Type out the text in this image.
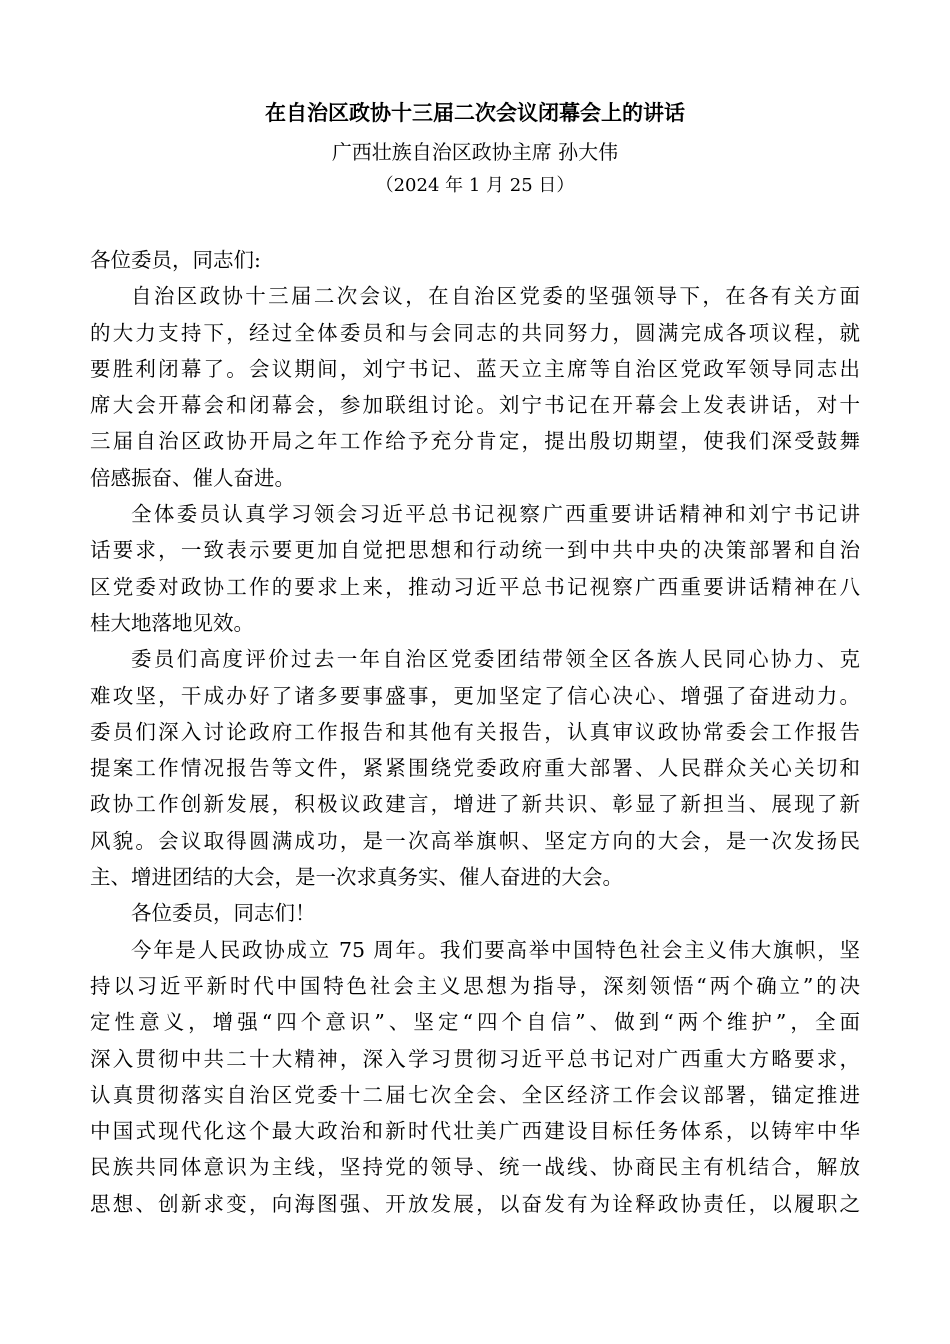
在自治区政协十三届二次会议闭幕会上的讲话
广西壮族自治区政协主席 孙大伟
（2024 年 1 月 25 日）
各位委员，同志们:
自治区政协十三届二次会议，在自治区党委的坚强领导下，在各有关方面
的大力支持下，经过全体委员和与会同志的共同努力，圆满完成各项议程，就
要胜利闭幕了。会议期间，刘宁书记、蓝天立主席等自治区党政军领导同志出
席大会开幕会和闭幕会，参加联组讨论。刘宁书记在开幕会上发表讲话，对十
三届自治区政协开局之年工作给予充分肯定，提出殷切期望，使我们深受鼓舞
倍感振奋、催人奋进。
全体委员认真学习领会习近平总书记视察广西重要讲话精神和刘宁书记讲
话要求，一致表示要更加自觉把思想和行动统一到中共中央的决策部署和自治
区党委对政协工作的要求上来，推动习近平总书记视察广西重要讲话精神在八
桂大地落地见效。
委员们高度评价过去一年自治区党委团结带领全区各族人民同心协力、克
难攻坚，干成办好了诸多要事盛事，更加坚定了信心决心、增强了奋进动力。
委员们深入讨论政府工作报告和其他有关报告，认真审议政协常委会工作报告
提案工作情况报告等文件，紧紧围绕党委政府重大部署、人民群众关心关切和
政协工作创新发展，积极议政建言，增进了新共识、彰显了新担当、展现了新
风貌。会议取得圆满成功，是一次高举旗帜、坚定方向的大会，是一次发扬民
主、增进团结的大会，是一次求真务实、催人奋进的大会。
各位委员，同志们！
今年是人民政协成立 75 周年。我们要高举中国特色社会主义伟大旗帜，坚
持以习近平新时代中国特色社会主义思想为指导，深刻领悟“两个确立”的决
定性意义，增强“四个意识”、坚定“四个自信”、做到“两个维护”，全面
深入贯彻中共二十大精神，深入学习贯彻习近平总书记对广西重大方略要求，
认真贯彻落实自治区党委十二届七次全会、全区经济工作会议部署，锚定推进
中国式现代化这个最大政治和新时代壮美广西建设目标任务体系，以铸牢中华
民族共同体意识为主线，坚持党的领导、统一战线、协商民主有机结合，解放
思想、创新求变，向海图强、开放发展，以奋发有为诠释政协责任，以履职之
